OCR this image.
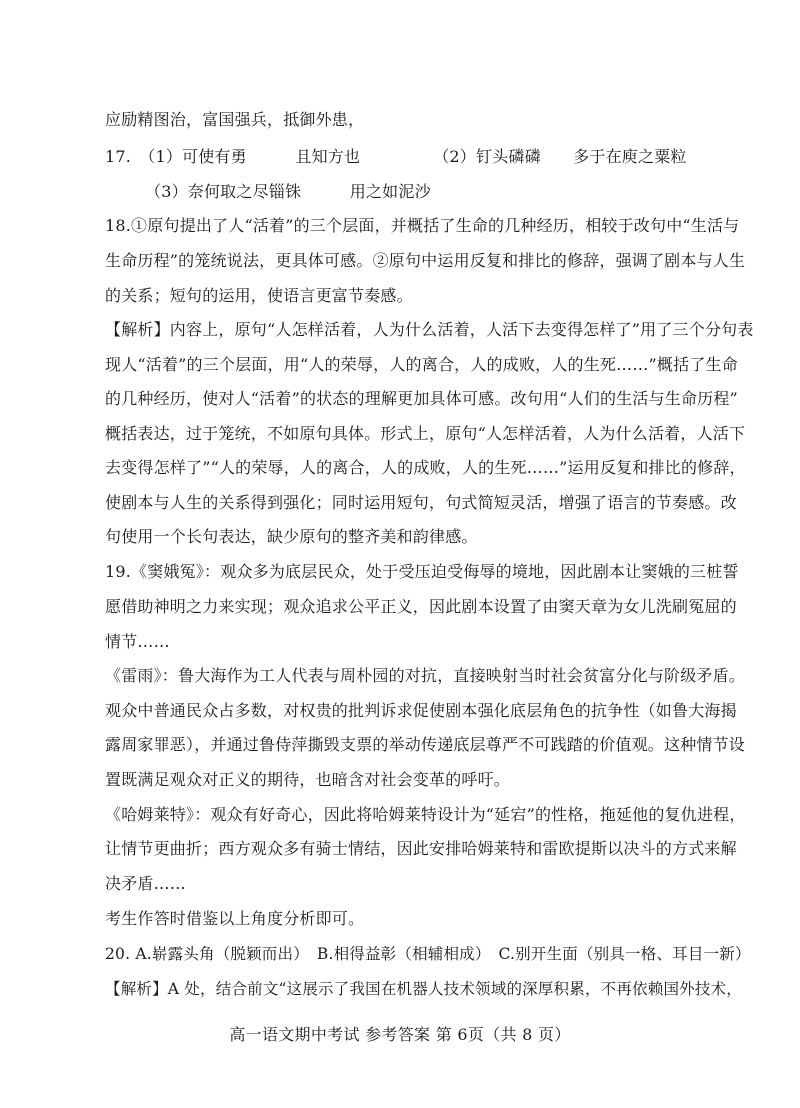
应励精图治，富国强兵，抵御外患，
17.　（1）可使有勇　　　且知方也　　　　　（2）钉头磷磷　　多于在庾之粟粒
（3）奈何取之尽锱铢　　　用之如泥沙
18.①原句提出了人“活着”的三个层面，并概括了生命的几种经历，相较于改句中“生活与
生命历程”的笼统说法，更具体可感。②原句中运用反复和排比的修辞，强调了剧本与人生
的关系；短句的运用，使语言更富节奏感。
【解析】内容上，原句“人怎样活着，人为什么活着，人活下去变得怎样了”用了三个分句表
现人“活着”的三个层面，用“人的荣辱，人的离合，人的成败，人的生死……”概括了生命
的几种经历，使对人“活着”的状态的理解更加具体可感。改句用“人们的生活与生命历程”
概括表达，过于笼统，不如原句具体。形式上，原句“人怎样活着，人为什么活着，人活下
去变得怎样了”“人的荣辱，人的离合，人的成败，人的生死……”运用反复和排比的修辞，
使剧本与人生的关系得到强化；同时运用短句，句式简短灵活，增强了语言的节奏感。改
句使用一个长句表达，缺少原句的整齐美和韵律感。
19.《窦娥冤》：观众多为底层民众，处于受压迫受侮辱的境地，因此剧本让窦娥的三桩誓
愿借助神明之力来实现；观众追求公平正义，因此剧本设置了由窦天章为女儿洗刷冤屈的
情节……
《雷雨》：鲁大海作为工人代表与周朴园的对抗，直接映射当时社会贫富分化与阶级矛盾。
观众中普通民众占多数，对权贵的批判诉求促使剧本强化底层角色的抗争性（如鲁大海揭
露周家罪恶），并通过鲁侍萍撕毁支票的举动传递底层尊严不可践踏的价值观。这种情节设
置既满足观众对正义的期待，也暗含对社会变革的呼吁。
《哈姆莱特》：观众有好奇心，因此将哈姆莱特设计为“延宕”的性格，拖延他的复仇进程，
让情节更曲折；西方观众多有骑士情结，因此安排哈姆莱特和雷欧提斯以决斗的方式来解
决矛盾……
考生作答时借鉴以上角度分析即可。
20. A.崭露头角（脱颖而出）　B.相得益彰（相辅相成）　C.别开生面（别具一格、耳目一新）
【解析】A 处，结合前文“这展示了我国在机器人技术领域的深厚积累，不再依赖国外技术，
高一语文期中考试 参考答案 第 6页（共 8 页）
